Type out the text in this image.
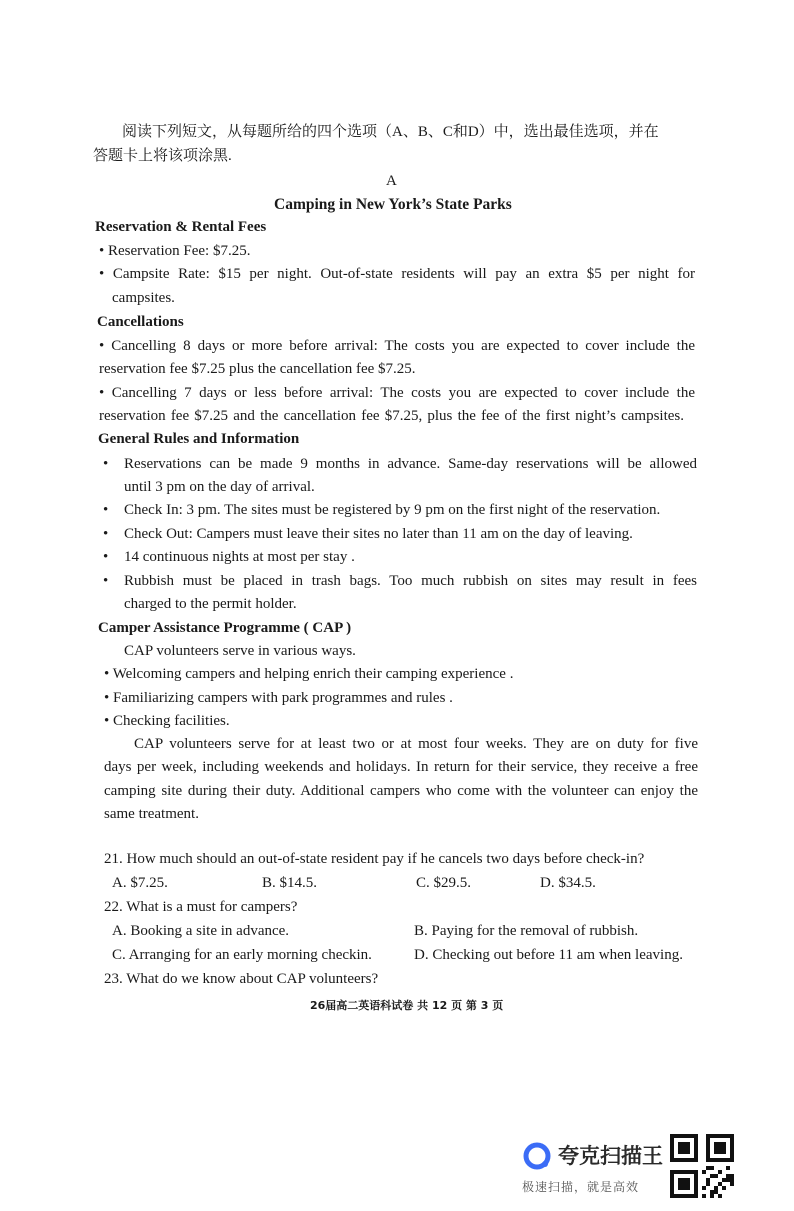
阅读下列短文，从每题所给的四个选项（A、B、C和D）中，选出最佳选项，并在

答题卡上将该项涂黑.

A

Camping in New York’s State Parks

Reservation & Rental Fees

• Reservation Fee: $7.25.

• Campsite Rate: $15 per night. Out-of-state residents will pay an extra $5 per night for

campsites.

Cancellations

• Cancelling 8 days or more before arrival: The costs you are expected to cover include the

reservation fee $7.25 plus the cancellation fee $7.25.

• Cancelling 7 days or less before arrival: The costs you are expected to cover include the

reservation fee $7.25 and the cancellation fee $7.25, plus the fee of the first night’s campsites.

General Rules and Information

• Reservations can be made 9 months in advance. Same-day reservations will be allowed

until 3 pm on the day of arrival.

• Check In: 3 pm. The sites must be registered by 9 pm on the first night of the reservation.

• Check Out: Campers must leave their sites no later than 11 am on the day of leaving.

• 14 continuous nights at most per stay .

• Rubbish must be placed in trash bags. Too much rubbish on sites may result in fees

charged to the permit holder.

Camper Assistance Programme ( CAP )

CAP volunteers serve in various ways.

• Welcoming campers and helping enrich their camping experience .

• Familiarizing campers with park programmes and rules .

• Checking facilities.

CAP volunteers serve for at least two or at most four weeks. They are on duty for five

days per week, including weekends and holidays. In return for their service, they receive a free

camping site during their duty. Additional campers who come with the volunteer can enjoy the

same treatment.

21. How much should an out-of-state resident pay if he cancels two days before check-in?

A. $7.25.	B. $14.5.	C. $29.5.	D. $34.5.

22. What is a must for campers?

A. Booking a site in advance.	B. Paying for the removal of rubbish.

C. Arranging for an early morning checkin.	D. Checking out before 11 am when leaving.

23. What do we know about CAP volunteers?

26届高二英语科试卷 共 12 页 第 3 页

夸克扫描王
极速扫描，就是高效
